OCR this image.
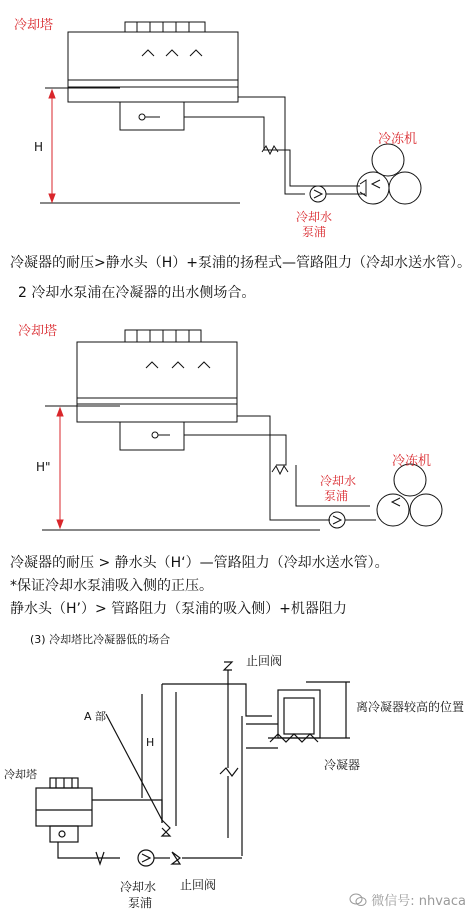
冷却塔
H	冷冻机
冷却水
泵浦
冷凝器的耐压>静水头（H）+泵浦的扬程式—管路阻力（冷却水送水管）。
2 冷却水泵浦在冷凝器的出水侧场合。
冷却塔
H"	冷冻机
冷却水
泵浦
冷凝器的耐压 > 静水头（H‘）—管路阻力（冷却水送水管）。
*保证冷却水泵浦吸入侧的正压。
静水头（H’）> 管路阻力（泵浦的吸入侧）+机器阻力
(3) 冷却塔比冷凝器低的场合
止回阀
离冷凝器较高的位置
A 部
H
冷凝器
冷却塔
冷却水
泵浦
止回阀
微信号: nhvaca
